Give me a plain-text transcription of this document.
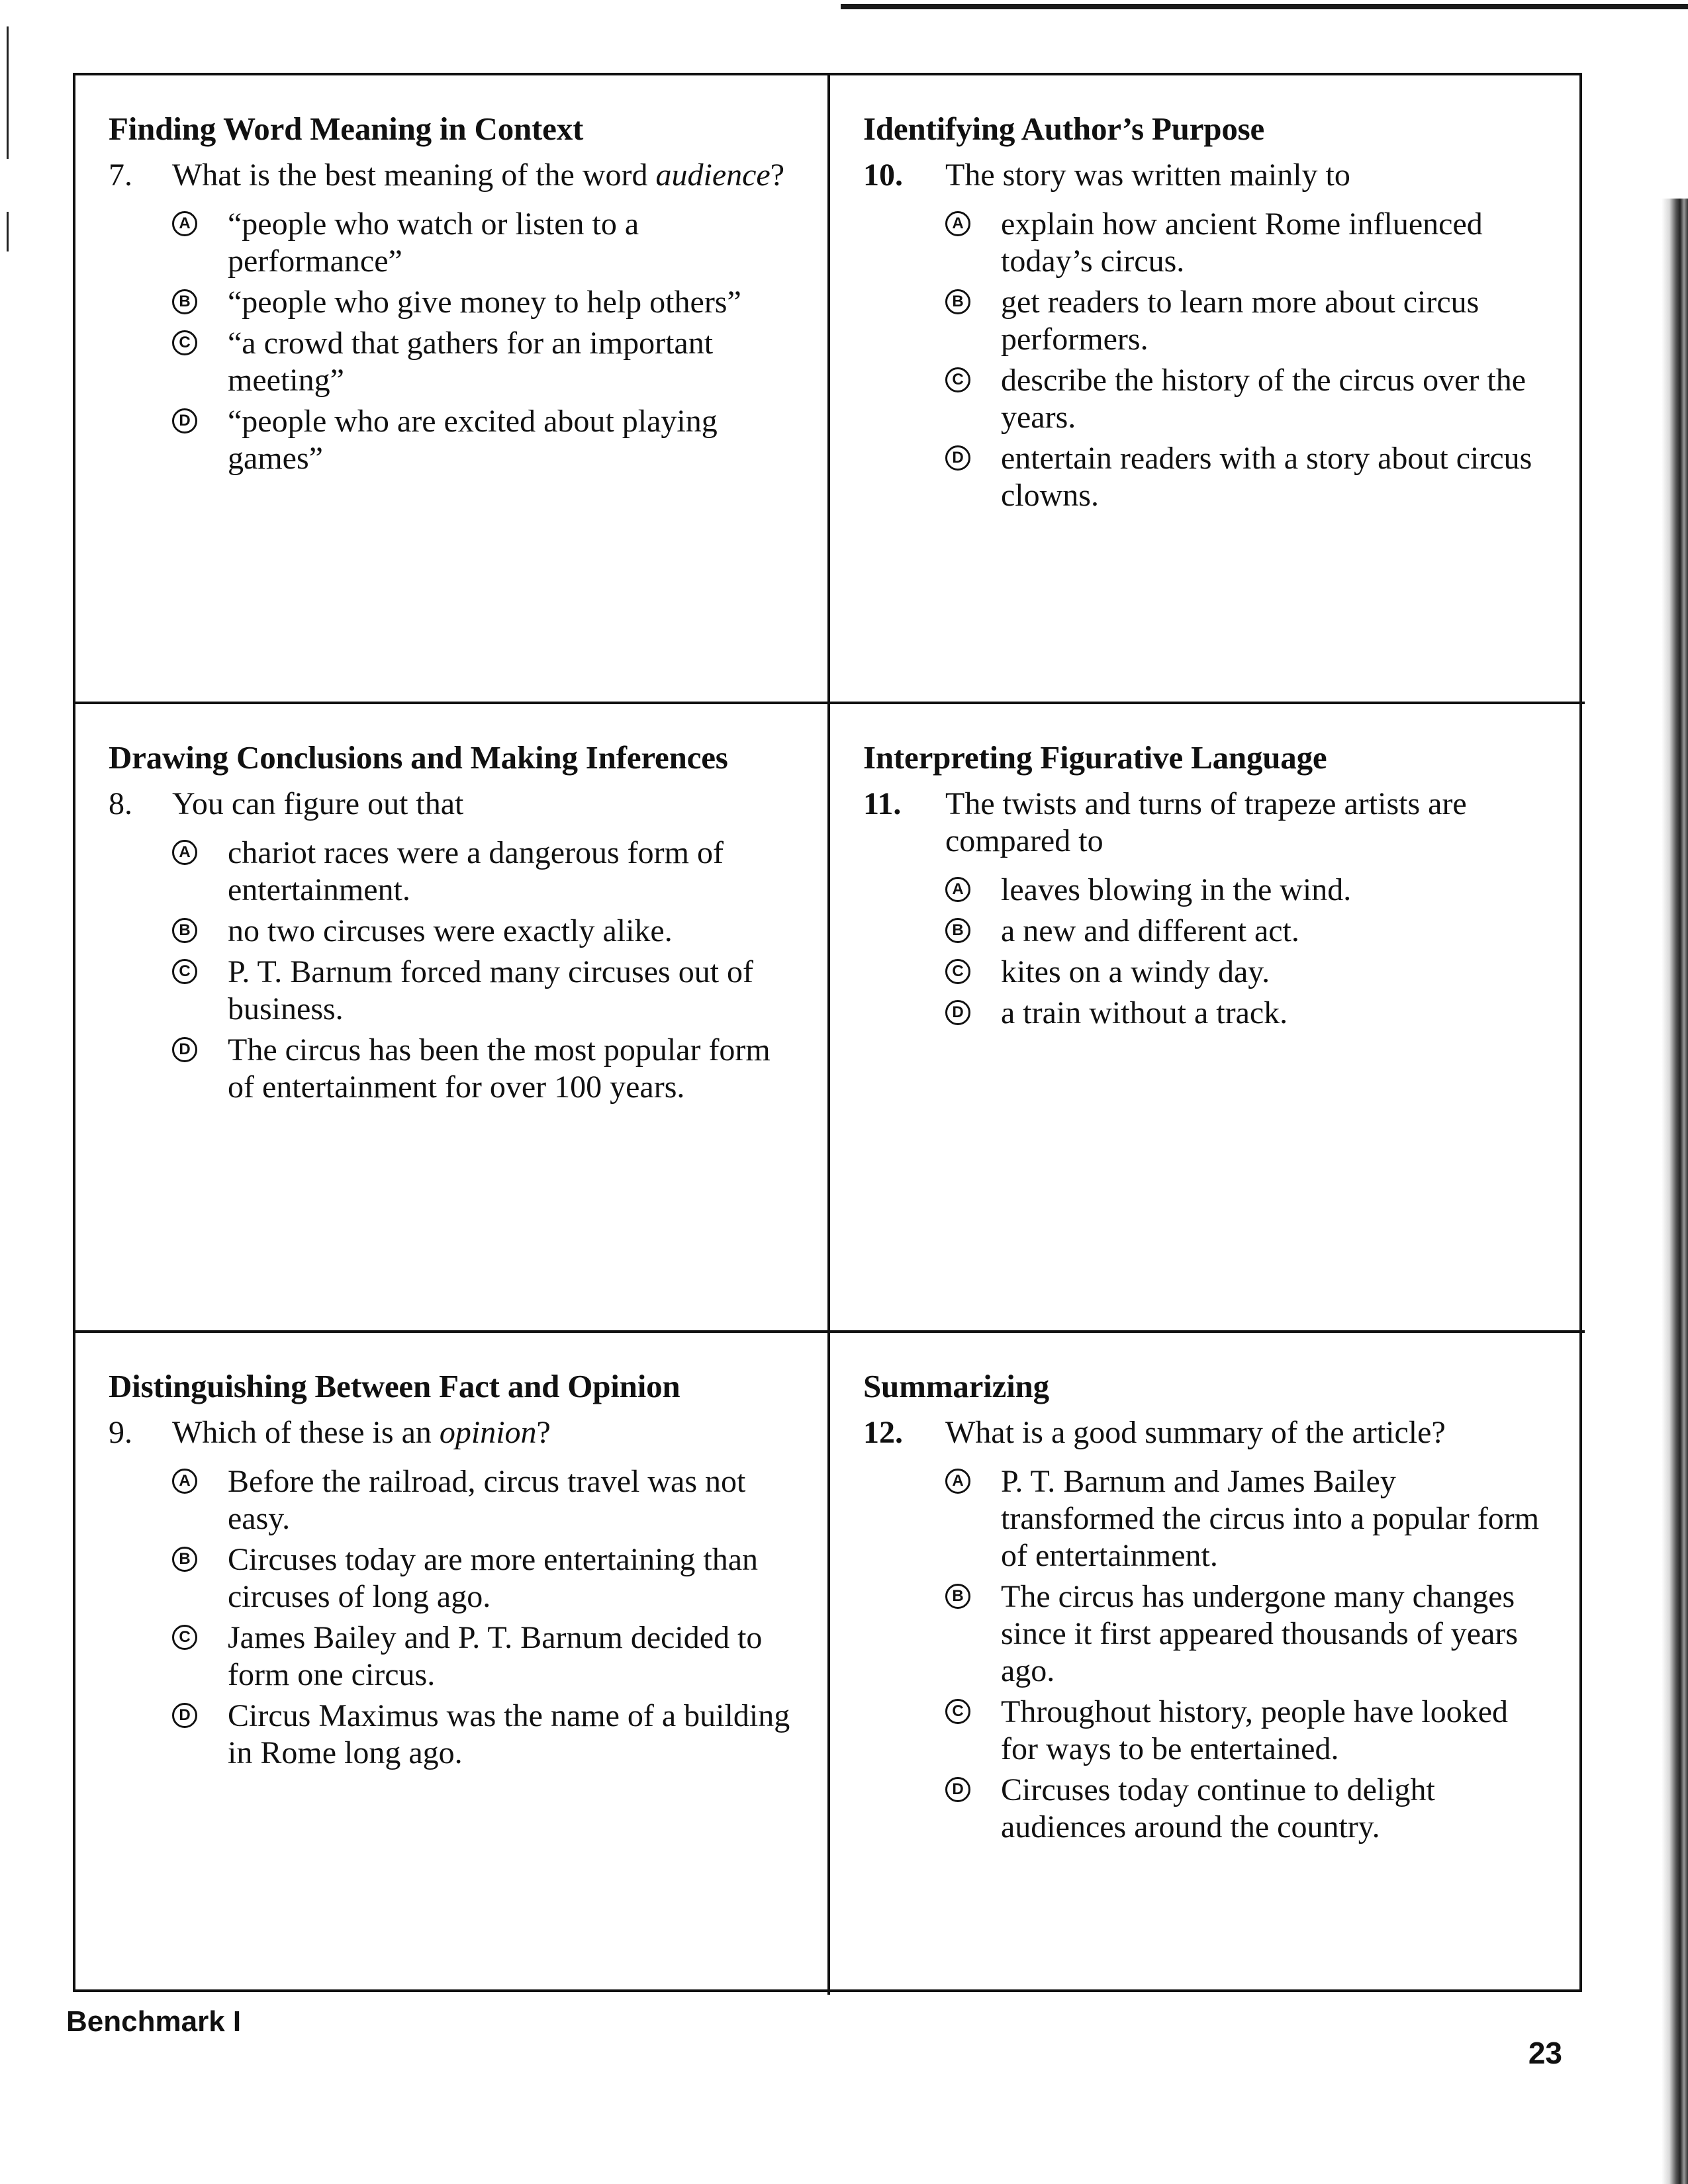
Finding Word Meaning in Context
7.	What is the best meaning of the word audience?
A “people who watch or listen to a performance”
B “people who give money to help others”
C “a crowd that gathers for an important meeting”
D “people who are excited about playing games”
Identifying Author’s Purpose
10.	The story was written mainly to
A explain how ancient Rome influenced today’s circus.
B get readers to learn more about circus performers.
C describe the history of the circus over the years.
D entertain readers with a story about circus clowns.
Drawing Conclusions and Making Inferences
8.	You can figure out that
A chariot races were a dangerous form of entertainment.
B no two circuses were exactly alike.
C P. T. Barnum forced many circuses out of business.
D The circus has been the most popular form of entertainment for over 100 years.
Interpreting Figurative Language
11.	The twists and turns of trapeze artists are compared to
A leaves blowing in the wind.
B a new and different act.
C kites on a windy day.
D a train without a track.
Distinguishing Between Fact and Opinion
9.	Which of these is an opinion?
A Before the railroad, circus travel was not easy.
B Circuses today are more entertaining than circuses of long ago.
C James Bailey and P. T. Barnum decided to form one circus.
D Circus Maximus was the name of a building in Rome long ago.
Summarizing
12.	What is a good summary of the article?
A P. T. Barnum and James Bailey transformed the circus into a popular form of entertainment.
B The circus has undergone many changes since it first appeared thousands of years ago.
C Throughout history, people have looked for ways to be entertained.
D Circuses today continue to delight audiences around the country.
Benchmark I
23
